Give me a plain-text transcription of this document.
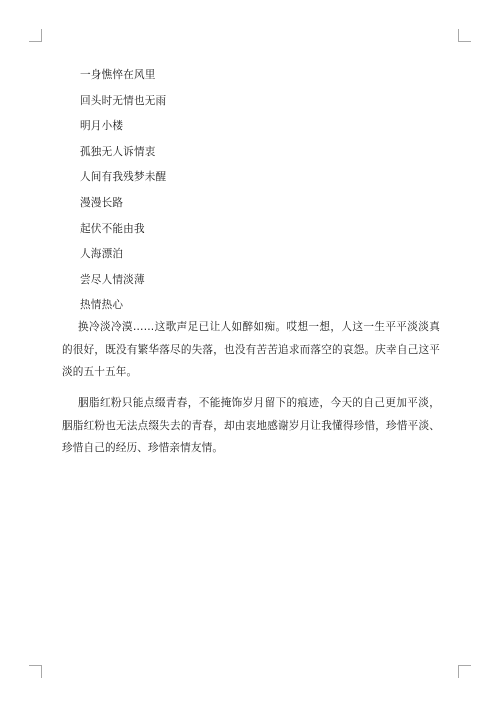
一身憔悴在风里
回头时无情也无雨
明月小楼
孤独无人诉情衷
人间有我残梦未醒
漫漫长路
起伏不能由我
人海漂泊
尝尽人情淡薄
热情热心

换冷淡冷漠……这歌声足已让人如醉如痴。哎想一想，人这一生平平淡淡真的很好，既没有繁华落尽的失落，也没有苦苦追求而落空的哀怨。庆幸自己这平淡的五十五年。

胭脂红粉只能点缀青春，不能掩饰岁月留下的痕迹，今天的自己更加平淡，胭脂红粉也无法点缀失去的青春，却由衷地感谢岁月让我懂得珍惜，珍惜平淡、珍惜自己的经历、珍惜亲情友情。
